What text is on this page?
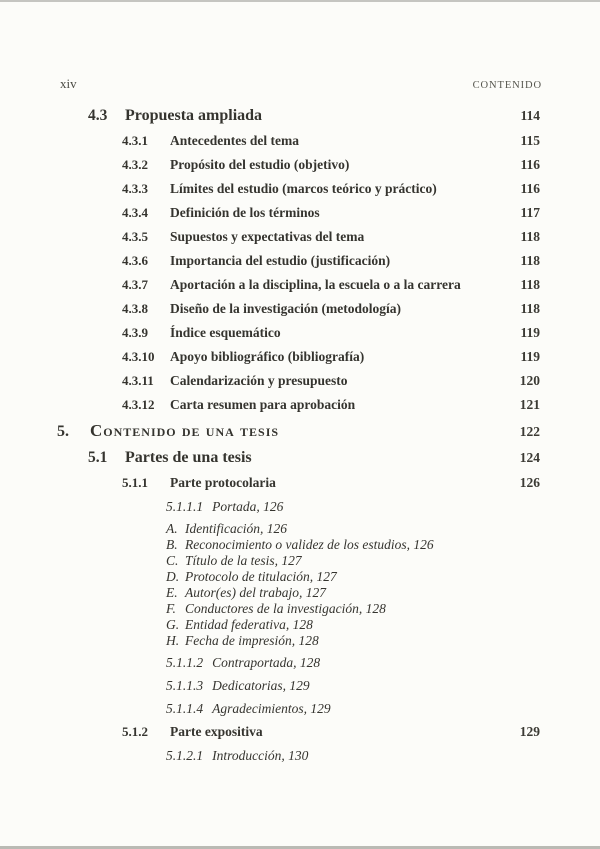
xiv	CONTENIDO
4.3	Propuesta ampliada	114
4.3.1	Antecedentes del tema	115
4.3.2	Propósito del estudio (objetivo)	116
4.3.3	Límites del estudio (marcos teórico y práctico)	116
4.3.4	Definición de los términos	117
4.3.5	Supuestos y expectativas del tema	118
4.3.6	Importancia del estudio (justificación)	118
4.3.7	Aportación a la disciplina, la escuela o a la carrera	118
4.3.8	Diseño de la investigación (metodología)	118
4.3.9	Índice esquemático	119
4.3.10	Apoyo bibliográfico (bibliografía)	119
4.3.11	Calendarización y presupuesto	120
4.3.12	Carta resumen para aprobación	121
5.	Contenido de una tesis	122
5.1	Partes de una tesis	124
5.1.1	Parte protocolaria	126
5.1.1.1 Portada, 126
A. Identificación, 126
B. Reconocimiento o validez de los estudios, 126
C. Título de la tesis, 127
D. Protocolo de titulación, 127
E. Autor(es) del trabajo, 127
F. Conductores de la investigación, 128
G. Entidad federativa, 128
H. Fecha de impresión, 128
5.1.1.2 Contraportada, 128
5.1.1.3 Dedicatorias, 129
5.1.1.4 Agradecimientos, 129
5.1.2	Parte expositiva	129
5.1.2.1 Introducción, 130
